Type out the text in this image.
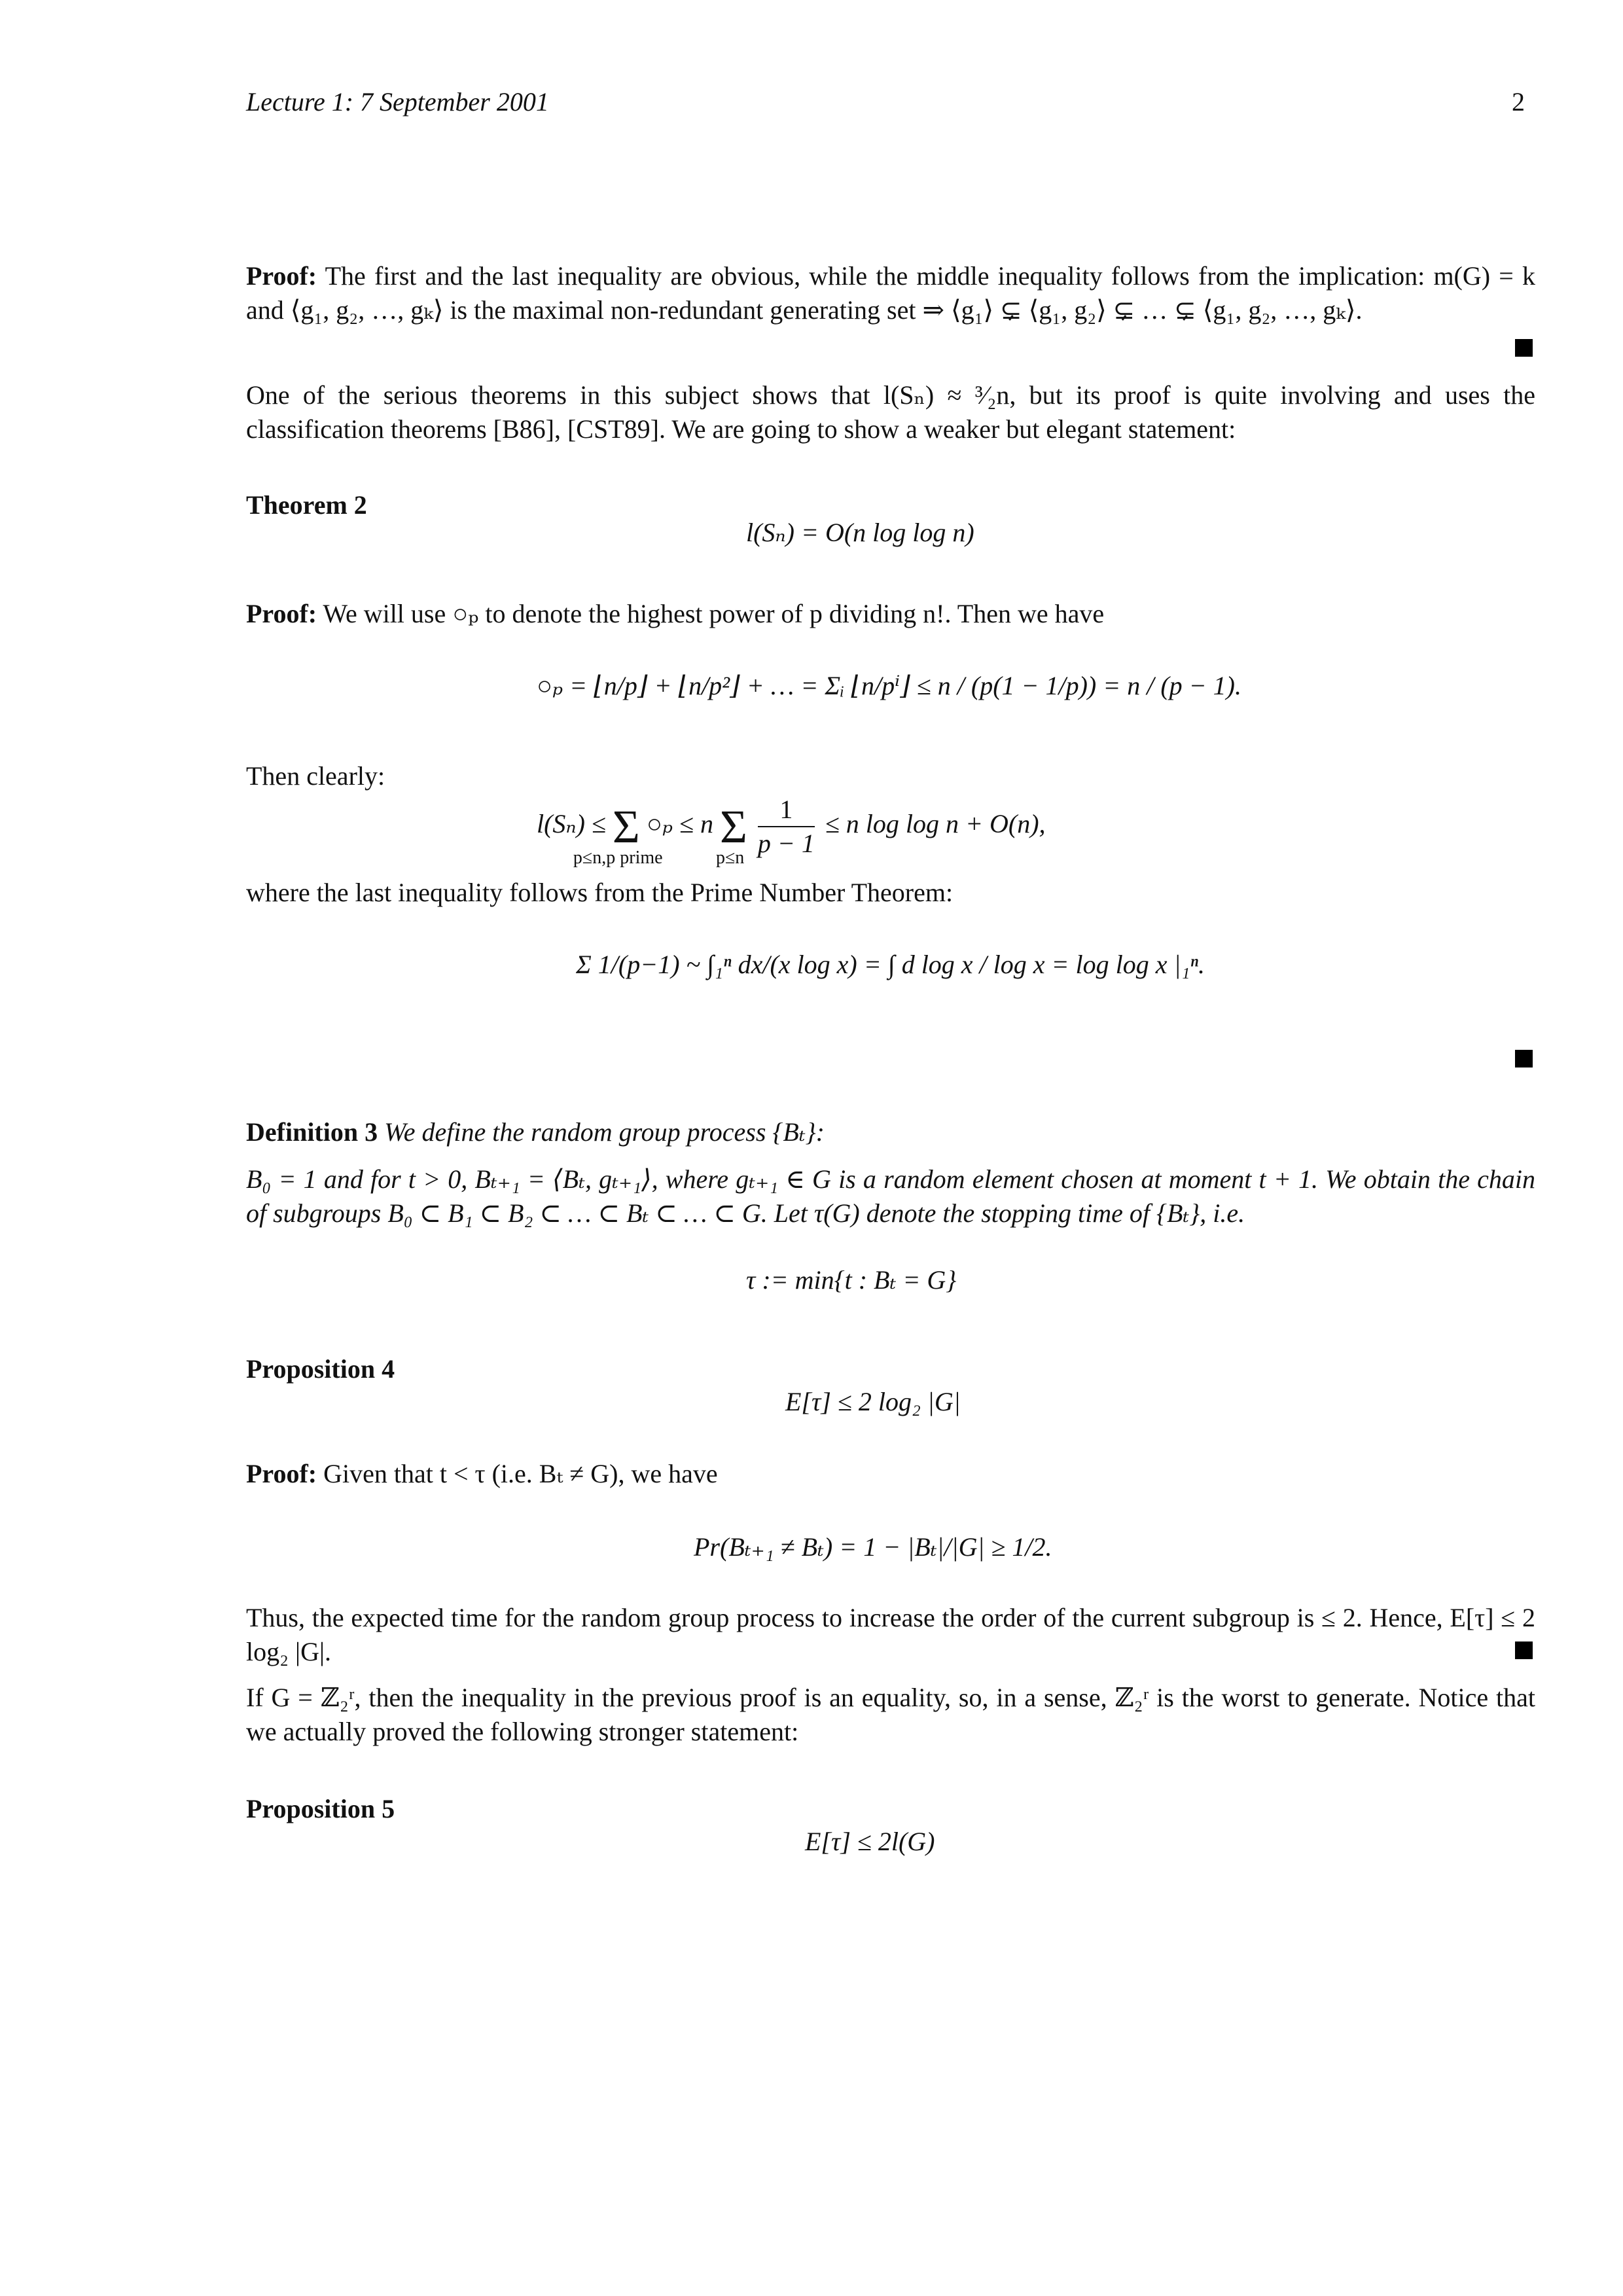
Lecture 1: 7 September 2001	2
Proof: The first and the last inequality are obvious, while the middle inequality follows from the implication: m(G) = k and ⟨g₁, g₂, …, gₖ⟩ is the maximal non-redundant generating set ⇒ ⟨g₁⟩ ⊊ ⟨g₁, g₂⟩ ⊊ … ⊊ ⟨g₁, g₂, …, gₖ⟩.
One of the serious theorems in this subject shows that l(Sₙ) ≈ ³⁄₂n, but its proof is quite involving and uses the classification theorems [B86], [CST89]. We are going to show a weaker but elegant statement:
Theorem 2
l(Sₙ) = O(n log log n)
Proof: We will use ○ₚ to denote the highest power of p dividing n!. Then we have
○ₚ = ⌊n/p⌋ + ⌊n/p²⌋ + … = Σᵢ ⌊n/pⁱ⌋ ≤ n / (p(1 − 1/p)) = n / (p − 1).
Then clearly:
l(Sₙ) ≤ Σ
p≤n,p prime
○ₚ ≤ n Σ
p≤n
$\frac{1}{p - 1} \le n$ log log n + O(n),
where the last inequality follows from the Prime Number Theorem:
Σ 1/(p−1) ~ ∫₁ⁿ dx/(x log x) = ∫ d log x / log x = log log x |₁ⁿ.
Definition 3 We define the random group process {Bₜ}:
B₀ = 1 and for t > 0, Bₜ₊₁ = ⟨Bₜ, gₜ₊₁⟩, where gₜ₊₁ ∈ G is a random element chosen at moment t + 1. We obtain the chain of subgroups B₀ ⊂ B₁ ⊂ B₂ ⊂ … ⊂ Bₜ ⊂ … ⊂ G. Let τ(G) denote the stopping time of {Bₜ}, i.e.
τ := min{t : Bₜ = G}
Proposition 4
E[τ] ≤ 2 log₂ |G|
Proof: Given that t < τ (i.e. Bₜ ≠ G), we have
Pr(Bₜ₊₁ ≠ Bₜ) = 1 − |Bₜ|/|G| ≥ 1/2.
Thus, the expected time for the random group process to increase the order of the current subgroup is ≤ 2. Hence, E[τ] ≤ 2 log₂ |G|.
If G = ℤ₂ʳ, then the inequality in the previous proof is an equality, so, in a sense, ℤ₂ʳ is the worst to generate. Notice that we actually proved the following stronger statement:
Proposition 5
E[τ] ≤ 2l(G)
